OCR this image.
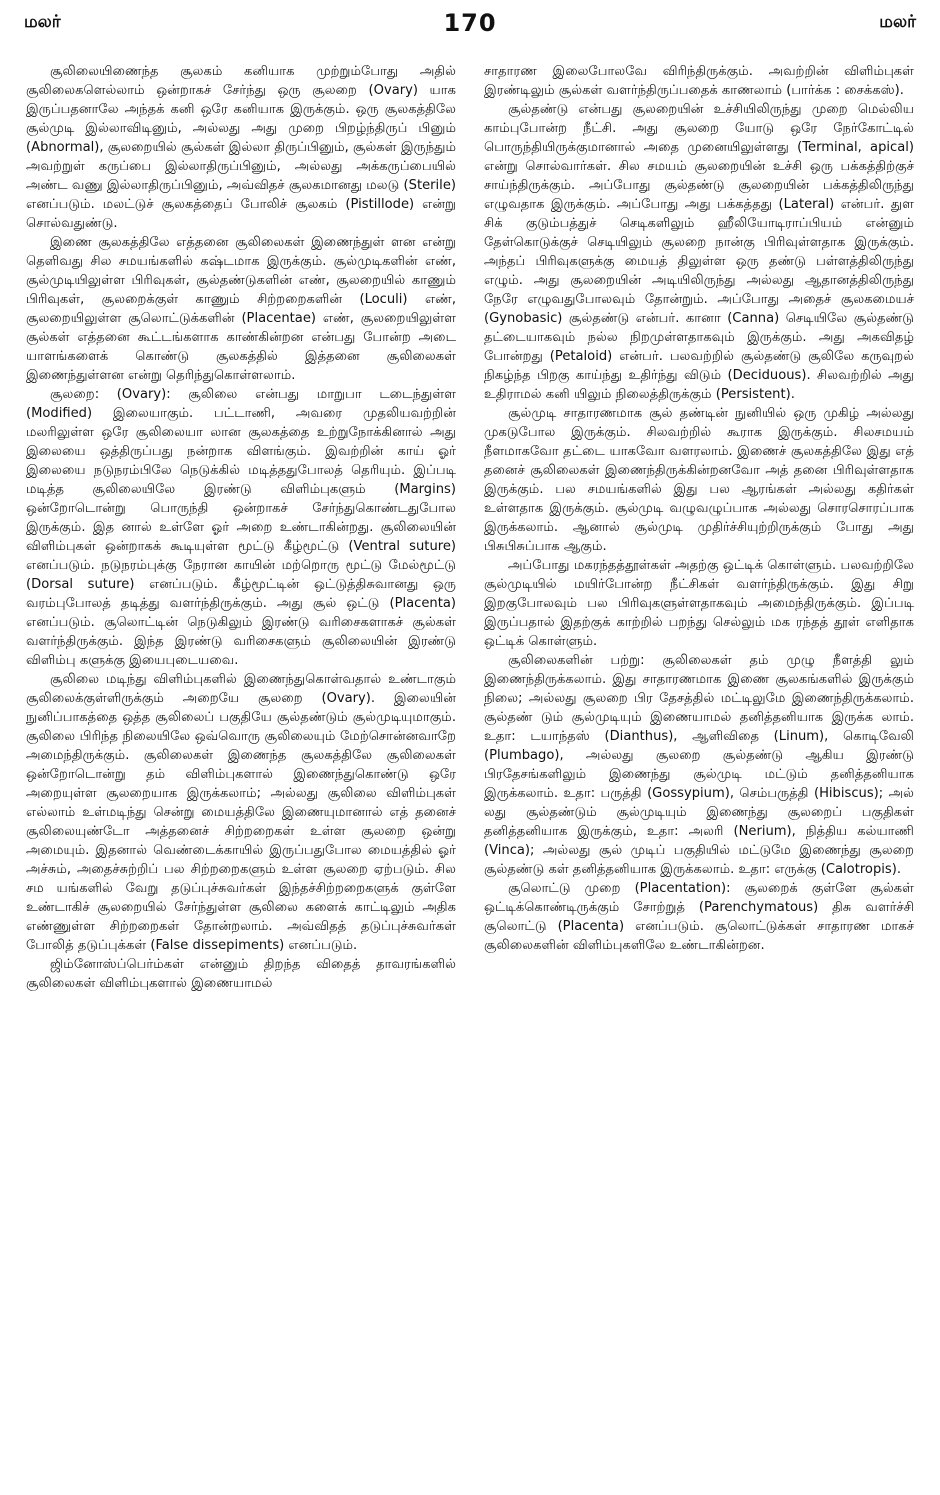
மலர்	170	மலர்

சூலிலையிணைந்த சூலகம் கனியாக முற்றும்போது அதில் சூலிலைகளெல்லாம் ஒன்றாகச் சேர்ந்து ஒரு சூலறை (Ovary) யாக இருப்பதனாலே அந்தக் கனி ஒரே கனியாக இருக்கும். ஒரு சூலகத்திலே சூல்முடி இல்லாவிடினும், அல்லது அது முறை பிறழ்ந்திருப் பினும் (Abnormal), சூலறையில் சூல்கள் இல்லா திருப்பினும், சூல்கள் இருந்தும் அவற்றுள் கருப்பை இல்லாதிருப்பினும், அல்லது அக்கருப்பையில் அண்ட வணு இல்லாதிருப்பினும், அவ்விதச் சூலகமானது மலடு (Sterile) எனப்படும். மலட்டுச் சூலகத்தைப் போலிச் சூலகம் (Pistillode) என்று சொல்வதுண்டு.

இணை சூலகத்திலே எத்தனை சூலிலைகள் இணைந்துள் ளன என்று தெளிவது சில சமயங்களில் கஷ்டமாக இருக்கும். சூல்முடிகளின் எண், சூல்முடியிலுள்ள பிரிவுகள், சூல்தண்டுகளின் எண், சூலறையில் காணும் பிரிவுகள், சூலறைக்குள் காணும் சிற்றறைகளின் (Loculi) எண், சூலறையிலுள்ள சூலொட்டுக்களின் (Placentae) எண், சூலறையிலுள்ள சூல்கள் எத்தனை கூட்டங்களாக காண்கின்றன என்பது போன்ற அடை யாளங்களைக் கொண்டு சூலகத்தில் இத்தனை சூலிலைகள் இணைந்துள்ளன என்று தெரிந்துகொள்ளலாம்.

சூலறை: (Ovary): சூலிலை என்பது மாறுபா டடைந்துள்ள (Modified) இலையாகும். பட்டாணி, அவரை முதலியவற்றின் மலரிலுள்ள ஒரே சூலிலையா லான சூலகத்தை உற்றுநோக்கினால் அது இலையை ஒத்திருப்பது நன்றாக விளங்கும். இவற்றின் காய் ஓர் இலையை நடுநரம்பிலே நெடுக்கில் மடித்ததுபோலத் தெரியும். இப்படி மடித்த சூலிலையிலே இரண்டு விளிம்புகளும் (Margins) ஒன்றோடொன்று பொருந்தி ஒன்றாகச் சேர்ந்துகொண்டதுபோல இருக்கும். இத னால் உள்ளே ஓர் அறை உண்டாகின்றது. சூலிலையின் விளிம்புகள் ஒன்றாகக் கூடியுள்ள மூட்டு கீழ்மூட்டு (Ventral suture) எனப்படும். நடுநரம்புக்கு நேரான காயின் மற்றொரு மூட்டு மேல்மூட்டு (Dorsal suture) எனப்படும். கீழ்மூட்டின் ஒட்டுத்திசுவானது ஒரு வரம்புபோலத் தடித்து வளர்ந்திருக்கும். அது சூல் ஒட்டு (Placenta) எனப்படும். சூலொட்டின் நெடுகிலும் இரண்டு வரிசைகளாகச் சூல்கள் வளர்ந்திருக்கும். இந்த இரண்டு வரிசைகளும் சூலிலையின் இரண்டு விளிம்பு களுக்கு இயைபுடையவை.

சூலிலை மடிந்து விளிம்புகளில் இணைந்துகொள்வதால் உண்டாகும் சூலிலைக்குள்ளிருக்கும் அறையே சூலறை (Ovary). இலையின் நுனிப்பாகத்தை ஒத்த சூலிலைப் பகுதியே சூல்தண்டும் சூல்முடியுமாகும். சூலிலை பிரிந்த நிலையிலே ஒவ்வொரு சூலிலையும் மேற்சொன்னவாறே அமைந்திருக்கும். சூலிலைகள் இணைந்த சூலகத்திலே சூலிலைகள் ஒன்றோடொன்று தம் விளிம்புகளால் இணைந்துகொண்டு ஒரே அறையுள்ள சூலறையாக இருக்கலாம்; அல்லது சூலிலை விளிம்புகள் எல்லாம் உள்மடிந்து சென்று மையத்திலே இணையுமானால் எத் தனைச் சூலிலையுண்டோ அத்தனைச் சிற்றறைகள் உள்ள சூலறை ஒன்று அமையும். இதனால் வெண்டைக்காயில் இருப்பதுபோல மையத்தில் ஓர் அச்சும், அதைச்சுற்றிப் பல சிற்றறைகளும் உள்ள சூலறை ஏற்படும். சில சம யங்களில் வேறு தடுப்புச்சுவர்கள் இந்தச்சிற்றறைகளுக் குள்ளே உண்டாகிச் சூலறையில் சேர்ந்துள்ள சூலிலை களைக் காட்டிலும் அதிக எண்ணுள்ள சிற்றறைகள் தோன்றலாம். அவ்விதத் தடுப்புச்சுவர்கள் போலித் தடுப்புக்கள் (False dissepiments) எனப்படும்.

ஜிம்னோஸ்ப்பெர்ம்கள் என்னும் திறந்த விதைத் தாவரங்களில் சூலிலைகள் விளிம்புகளால் இணையாமல்

சாதாரண இலைபோலவே விரிந்திருக்கும். அவற்றின் விளிம்புகள் இரண்டிலும் சூல்கள் வளர்ந்திருப்பதைக் காணலாம் (பார்க்க : சைக்கஸ்).

சூல்தண்டு என்பது சூலறையின் உச்சியிலிருந்து முறை மெல்லிய காம்புபோன்ற நீட்சி. அது சூலறை யோடு ஒரே நேர்கோட்டில் பொருந்தியிருக்குமானால் அதை முனையிலுள்ளது (Terminal, apical) என்று சொல்வார்கள். சில சமயம் சூலறையின் உச்சி ஒரு பக்கத்திற்குச் சாய்ந்திருக்கும். அப்போது சூல்தண்டு சூலறையின் பக்கத்திலிருந்து எழுவதாக இருக்கும். அப்போது அது பக்கத்தது (Lateral) என்பர். துள சிக் குடும்பத்துச் செடிகளிலும் ஹீலியோடிராப்பியம் என்னும் தேள்கொடுக்குச் செடியிலும் சூலறை நான்கு பிரிவுள்ளதாக இருக்கும். அந்தப் பிரிவுகளுக்கு மையத் திலுள்ள ஒரு தண்டு பள்ளத்திலிருந்து எழும். அது சூலறையின் அடியிலிருந்து அல்லது ஆதானத்திலிருந்து நேரே எழுவதுபோலவும் தோன்றும். அப்போது அதைச் சூலகமையச் (Gynobasic) சூல்தண்டு என்பர். கானா (Canna) செடியிலே சூல்தண்டு தட்டையாகவும் நல்ல நிறமுள்ளதாகவும் இருக்கும். அது அகவிதழ் போன்றது (Petaloid) என்பர். பலவற்றில் சூல்தண்டு சூலிலே கருவுறல் நிகழ்ந்த பிறகு காய்ந்து உதிர்ந்து விடும் (Deciduous). சிலவற்றில் அது உதிராமல் கனி யிலும் நிலைத்திருக்கும் (Persistent).

சூல்முடி சாதாரணமாக சூல் தண்டின் நுனியில் ஒரு முகிழ் அல்லது முகடுபோல இருக்கும். சிலவற்றில் கூராக இருக்கும். சிலசமயம் நீளமாகவோ தட்டை யாகவோ வளரலாம். இணைச் சூலகத்திலே இது எத் தனைச் சூலிலைகள் இணைந்திருக்கின்றனவோ அத் தனை பிரிவுள்ளதாக இருக்கும். பல சமயங்களில் இது பல ஆரங்கள் அல்லது கதிர்கள் உள்ளதாக இருக்கும். சூல்முடி வழுவழுப்பாக அல்லது சொரசொரப்பாக இருக்கலாம். ஆனால் சூல்முடி முதிர்ச்சியுற்றிருக்கும் போது அது பிசுபிசுப்பாக ஆகும்.

அப்போது மகரந்தத்தூள்கள் அதற்கு ஒட்டிக் கொள்ளும். பலவற்றிலே சூல்முடியில் மயிர்போன்ற நீட்சிகள் வளர்ந்திருக்கும். இது சிறு இறகுபோலவும் பல பிரிவுகளுள்ளதாகவும் அமைந்திருக்கும். இப்படி இருப்பதால் இதற்குக் காற்றில் பறந்து செல்லும் மக ரந்தத் தூள் எளிதாக ஒட்டிக் கொள்ளும்.

சூலிலைகளின் பற்று: சூலிலைகள் தம் முழு நீளத்தி லும் இணைந்திருக்கலாம். இது சாதாரணமாக இணை சூலகங்களில் இருக்கும் நிலை; அல்லது சூலறை பிர தேசத்தில் மட்டிலுமே இணைந்திருக்கலாம். சூல்தண் டும் சூல்முடியும் இணையாமல் தனித்தனியாக இருக்க லாம். உதா: டயாந்தஸ் (Dianthus), ஆளிவிதை (Linum), கொடிவேலி (Plumbago), அல்லது சூலறை சூல்தண்டு ஆகிய இரண்டு பிரதேசங்களிலும் இணைந்து சூல்முடி மட்டும் தனித்தனியாக இருக்கலாம். உதா: பருத்தி (Gossypium), செம்பருத்தி (Hibiscus); அல் லது சூல்தண்டும் சூல்முடியும் இணைந்து சூலறைப் பகுதிகள் தனித்தனியாக இருக்கும், உதா: அலரி (Nerium), நித்திய கல்யாணி (Vinca); அல்லது சூல் முடிப் பகுதியில் மட்டுமே இணைந்து சூலறை சூல்தண்டு கள் தனித்தனியாக இருக்கலாம். உதா: எருக்கு (Calotropis).

சூலொட்டு முறை (Placentation): சூலறைக் குள்ளே சூல்கள் ஒட்டிக்கொண்டிருக்கும் சோற்றுத் (Parenchymatous) திசு வளர்ச்சி சூலொட்டு (Placenta) எனப்படும். சூலொட்டுக்கள் சாதாரண மாகச் சூலிலைகளின் விளிம்புகளிலே உண்டாகின்றன.
